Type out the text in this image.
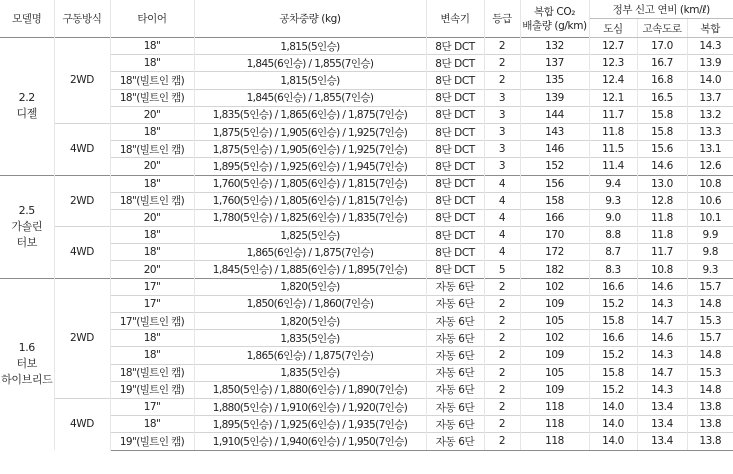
모델명	구동방식	타이어	공차중량 (kg)	변속기	등급	복합 CO₂
배출량 (g/km)	정부 신고 연비 (km/ℓ)		
							도심	고속도로	복합
2.2
디젤	2WD	18"	1,815(5인승)	8단 DCT	2	132	12.7	17.0	14.3
		18"	1,845(6인승) / 1,855(7인승)	8단 DCT	2	137	12.3	16.7	13.9
		18"(빌트인 캠)	1,815(5인승)	8단 DCT	2	135	12.4	16.8	14.0
		18"(빌트인 캠)	1,845(6인승) / 1,855(7인승)	8단 DCT	3	139	12.1	16.5	13.7
		20"	1,835(5인승) / 1,865(6인승) / 1,875(7인승)	8단 DCT	3	144	11.7	15.8	13.2
	4WD	18"	1,875(5인승) / 1,905(6인승) / 1,925(7인승)	8단 DCT	3	143	11.8	15.8	13.3
		18"(빌트인 캠)	1,875(5인승) / 1,905(6인승) / 1,925(7인승)	8단 DCT	3	146	11.5	15.6	13.1
		20"	1,895(5인승) / 1,925(6인승) / 1,945(7인승)	8단 DCT	3	152	11.4	14.6	12.6
2.5
가솔린
터보	2WD	18"	1,760(5인승) / 1,805(6인승) / 1,815(7인승)	8단 DCT	4	156	9.4	13.0	10.8
		18"(빌트인 캠)	1,760(5인승) / 1,805(6인승) / 1,815(7인승)	8단 DCT	4	158	9.3	12.8	10.6
		20"	1,780(5인승) / 1,825(6인승) / 1,835(7인승)	8단 DCT	4	166	9.0	11.8	10.1
	4WD	18"	1,825(5인승)	8단 DCT	4	170	8.8	11.8	9.9
		18"	1,865(6인승) / 1,875(7인승)	8단 DCT	4	172	8.7	11.7	9.8
		20"	1,845(5인승) / 1,885(6인승) / 1,895(7인승)	8단 DCT	5	182	8.3	10.8	9.3
1.6
터보
하이브리드	2WD	17"	1,820(5인승)	자동 6단	2	102	16.6	14.6	15.7
		17"	1,850(6인승) / 1,860(7인승)	자동 6단	2	109	15.2	14.3	14.8
		17"(빌트인 캠)	1,820(5인승)	자동 6단	2	105	15.8	14.7	15.3
		18"	1,835(5인승)	자동 6단	2	102	16.6	14.6	15.7
		18"	1,865(6인승) / 1,875(7인승)	자동 6단	2	109	15.2	14.3	14.8
		18"(빌트인 캠)	1,835(5인승)	자동 6단	2	105	15.8	14.7	15.3
		19"(빌트인 캠)	1,850(5인승) / 1,880(6인승) / 1,890(7인승)	자동 6단	2	109	15.2	14.3	14.8
	4WD	17"	1,880(5인승) / 1,910(6인승) / 1,920(7인승)	자동 6단	2	118	14.0	13.4	13.8
		18"	1,895(5인승) / 1,925(6인승) / 1,935(7인승)	자동 6단	2	118	14.0	13.4	13.8
		19"(빌트인 캠)	1,910(5인승) / 1,940(6인승) / 1,950(7인승)	자동 6단	2	118	14.0	13.4	13.8
